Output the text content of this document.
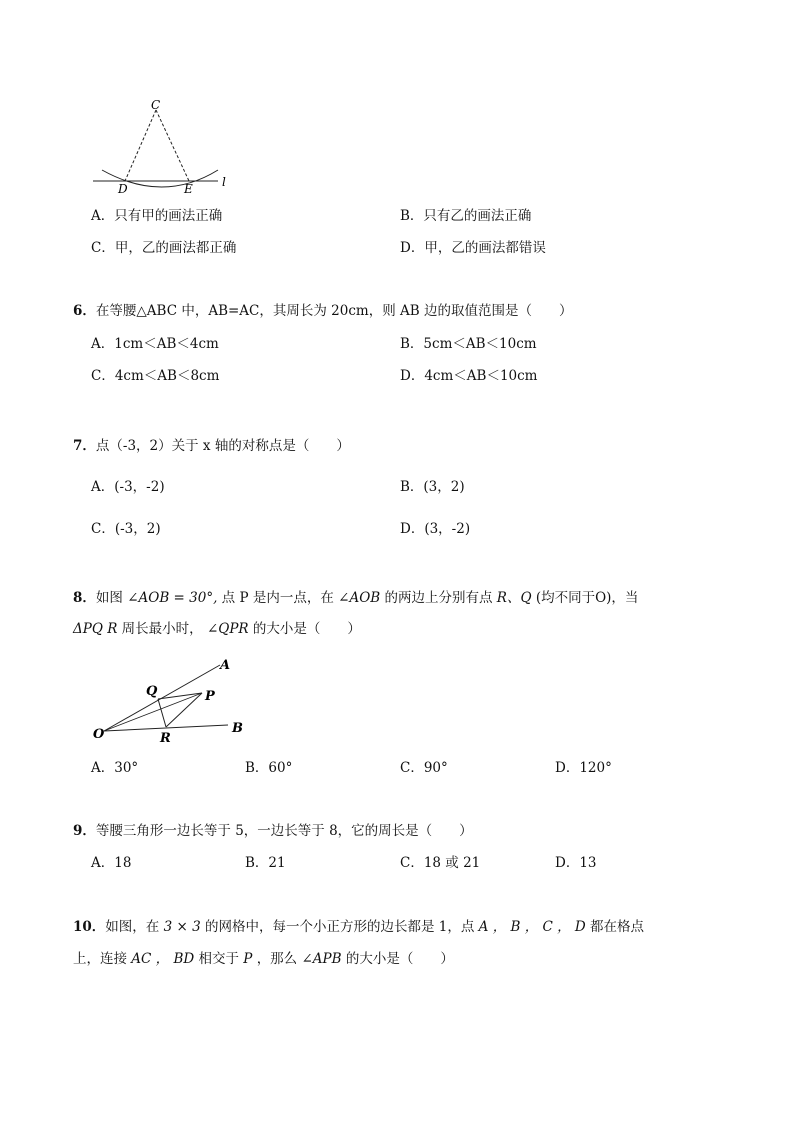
C
D	E l
A．只有甲的画法正确	B．只有乙的画法正确
C．甲，乙的画法都正确	D．甲，乙的画法都错误
6．在等腰△ABC 中，AB=AC，其周长为 20cm，则 AB 边的取值范围是（　　）
A．1cm＜AB＜4cm	B．5cm＜AB＜10cm
C．4cm＜AB＜8cm	D．4cm＜AB＜10cm
7．点（-3，2）关于 x 轴的对称点是（　　）
A．(-3，-2)	B．(3，2)
C．(-3，2)	D．(3，-2)
8．如图 ∠AOB = 30°, 点 P 是内一点，在 ∠AOB 的两边上分别有点 R、Q (均不同于O)，当
ΔPQ R 周长最小时， ∠QPR 的大小是（　　）
A
B
O
P
Q
R
A．30°	B．60°	C．90°	D．120°
9．等腰三角形一边长等于 5，一边长等于 8，它的周长是（　　）
A．18	B．21	C．18 或 21	D．13
10．如图，在 3 × 3 的网格中，每一个小正方形的边长都是 1，点 A ， B ， C ， D 都在格点
上，连接 AC ， BD 相交于 P ，那么 ∠APB 的大小是（　　）
